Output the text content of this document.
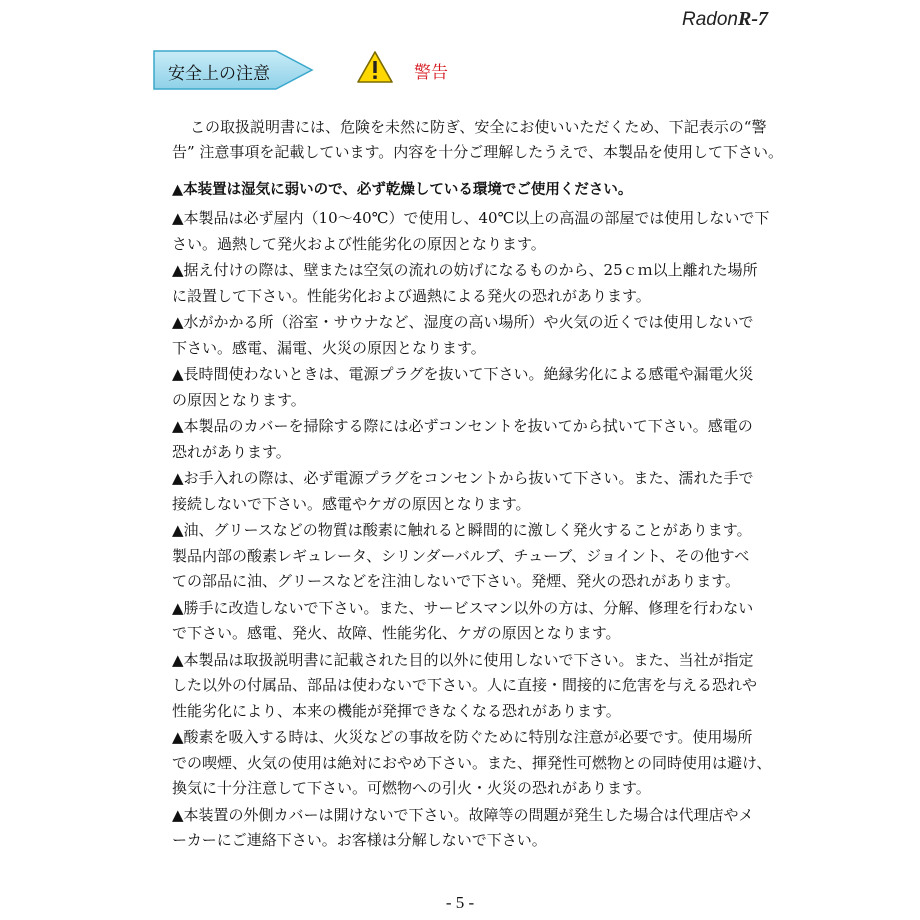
RadonR-7
安全上の注意	警告
この取扱説明書には、危険を未然に防ぎ、安全にお使いいただくため、下記表示の“警
告” 注意事項を記載しています。内容を十分ご理解したうえで、本製品を使用して下さい。
▲本装置は湿気に弱いので、必ず乾燥している環境でご使用ください。
▲本製品は必ず屋内（10～40℃）で使用し、40℃以上の高温の部屋では使用しないで下
さい。過熱して発火および性能劣化の原因となります。
▲据え付けの際は、壁または空気の流れの妨げになるものから、25ｃｍ以上離れた場所
に設置して下さい。性能劣化および過熱による発火の恐れがあります。
▲水がかかる所（浴室・サウナなど、湿度の高い場所）や火気の近くでは使用しないで
下さい。感電、漏電、火災の原因となります。
▲長時間使わないときは、電源プラグを抜いて下さい。絶縁劣化による感電や漏電火災
の原因となります。
▲本製品のカバーを掃除する際には必ずコンセントを抜いてから拭いて下さい。感電の
恐れがあります。
▲お手入れの際は、必ず電源プラグをコンセントから抜いて下さい。また、濡れた手で
接続しないで下さい。感電やケガの原因となります。
▲油、グリースなどの物質は酸素に触れると瞬間的に激しく発火することがあります。
製品内部の酸素レギュレータ、シリンダーバルブ、チューブ、ジョイント、その他すべ
ての部品に油、グリースなどを注油しないで下さい。発煙、発火の恐れがあります。
▲勝手に改造しないで下さい。また、サービスマン以外の方は、分解、修理を行わない
で下さい。感電、発火、故障、性能劣化、ケガの原因となります。
▲本製品は取扱説明書に記載された目的以外に使用しないで下さい。また、当社が指定
した以外の付属品、部品は使わないで下さい。人に直接・間接的に危害を与える恐れや
性能劣化により、本来の機能が発揮できなくなる恐れがあります。
▲酸素を吸入する時は、火災などの事故を防ぐために特別な注意が必要です。使用場所
での喫煙、火気の使用は絶対におやめ下さい。また、揮発性可燃物との同時使用は避け、
換気に十分注意して下さい。可燃物への引火・火災の恐れがあります。
▲本装置の外側カバーは開けないで下さい。故障等の問題が発生した場合は代理店やメ
ーカーにご連絡下さい。お客様は分解しないで下さい。
- 5 -
